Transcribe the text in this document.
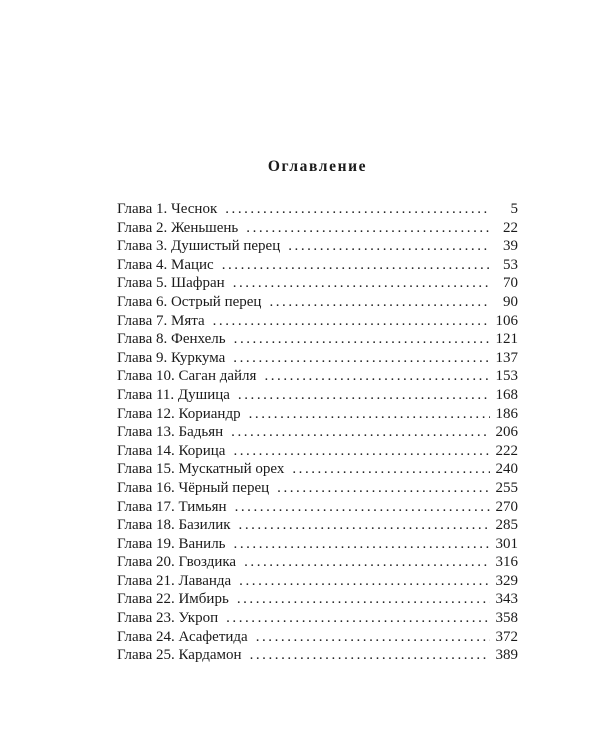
Оглавление
Глава 1. Чеснок . . .	5
Глава 2. Женьшень . . .	22
Глава 3. Душистый перец . . .	39
Глава 4. Мацис . . .	53
Глава 5. Шафран . . .	70
Глава 6. Острый перец . . .	90
Глава 7. Мята . . .	106
Глава 8. Фенхель . . .	121
Глава 9. Куркума . . .	137
Глава 10. Саган дайля . . .	153
Глава 11. Душица . . .	168
Глава 12. Кориандр . . .	186
Глава 13. Бадьян . . .	206
Глава 14. Корица . . .	222
Глава 15. Мускатный орех . . .	240
Глава 16. Чёрный перец . . .	255
Глава 17. Тимьян . . .	270
Глава 18. Базилик . . .	285
Глава 19. Ваниль . . .	301
Глава 20. Гвоздика . . .	316
Глава 21. Лаванда . . .	329
Глава 22. Имбирь . . .	343
Глава 23. Укроп . . .	358
Глава 24. Асафетида . . .	372
Глава 25. Кардамон . . .	389
